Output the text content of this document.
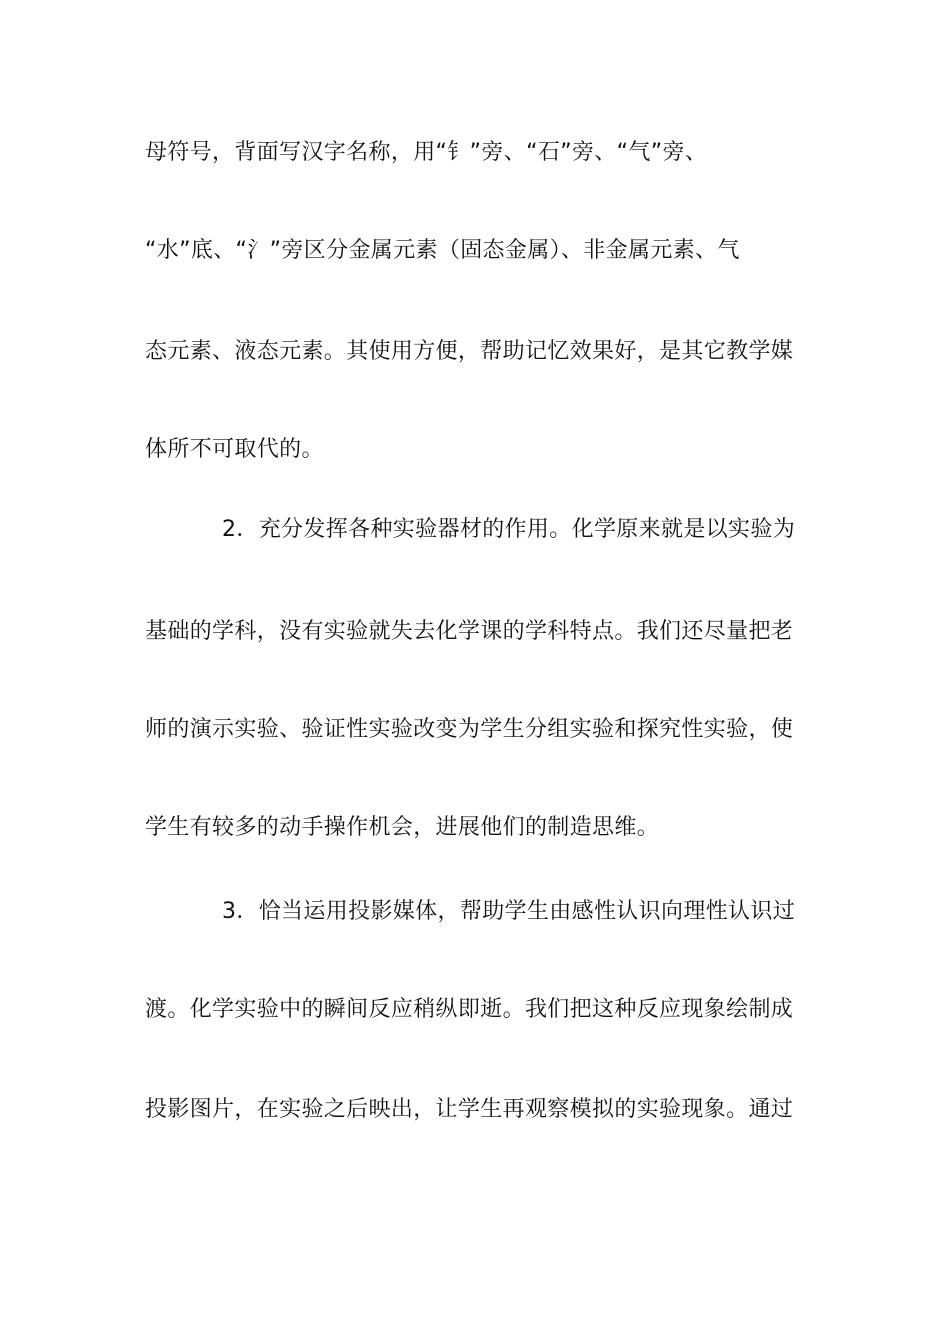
母符号，背面写汉字名称，用“钅”旁、“石”旁、“气”旁、
“水”底、“氵”旁区分金属元素（固态金属）、非金属元素、气
态元素、液态元素。其使用方便，帮助记忆效果好，是其它教学媒
体所不可取代的。
2．充分发挥各种实验器材的作用。化学原来就是以实验为
基础的学科，没有实验就失去化学课的学科特点。我们还尽量把老
师的演示实验、验证性实验改变为学生分组实验和探究性实验，使
学生有较多的动手操作机会，进展他们的制造思维。
3．恰当运用投影媒体，帮助学生由感性认识向理性认识过
渡。化学实验中的瞬间反应稍纵即逝。我们把这种反应现象绘制成
投影图片，在实验之后映出，让学生再观察模拟的实验现象。通过
